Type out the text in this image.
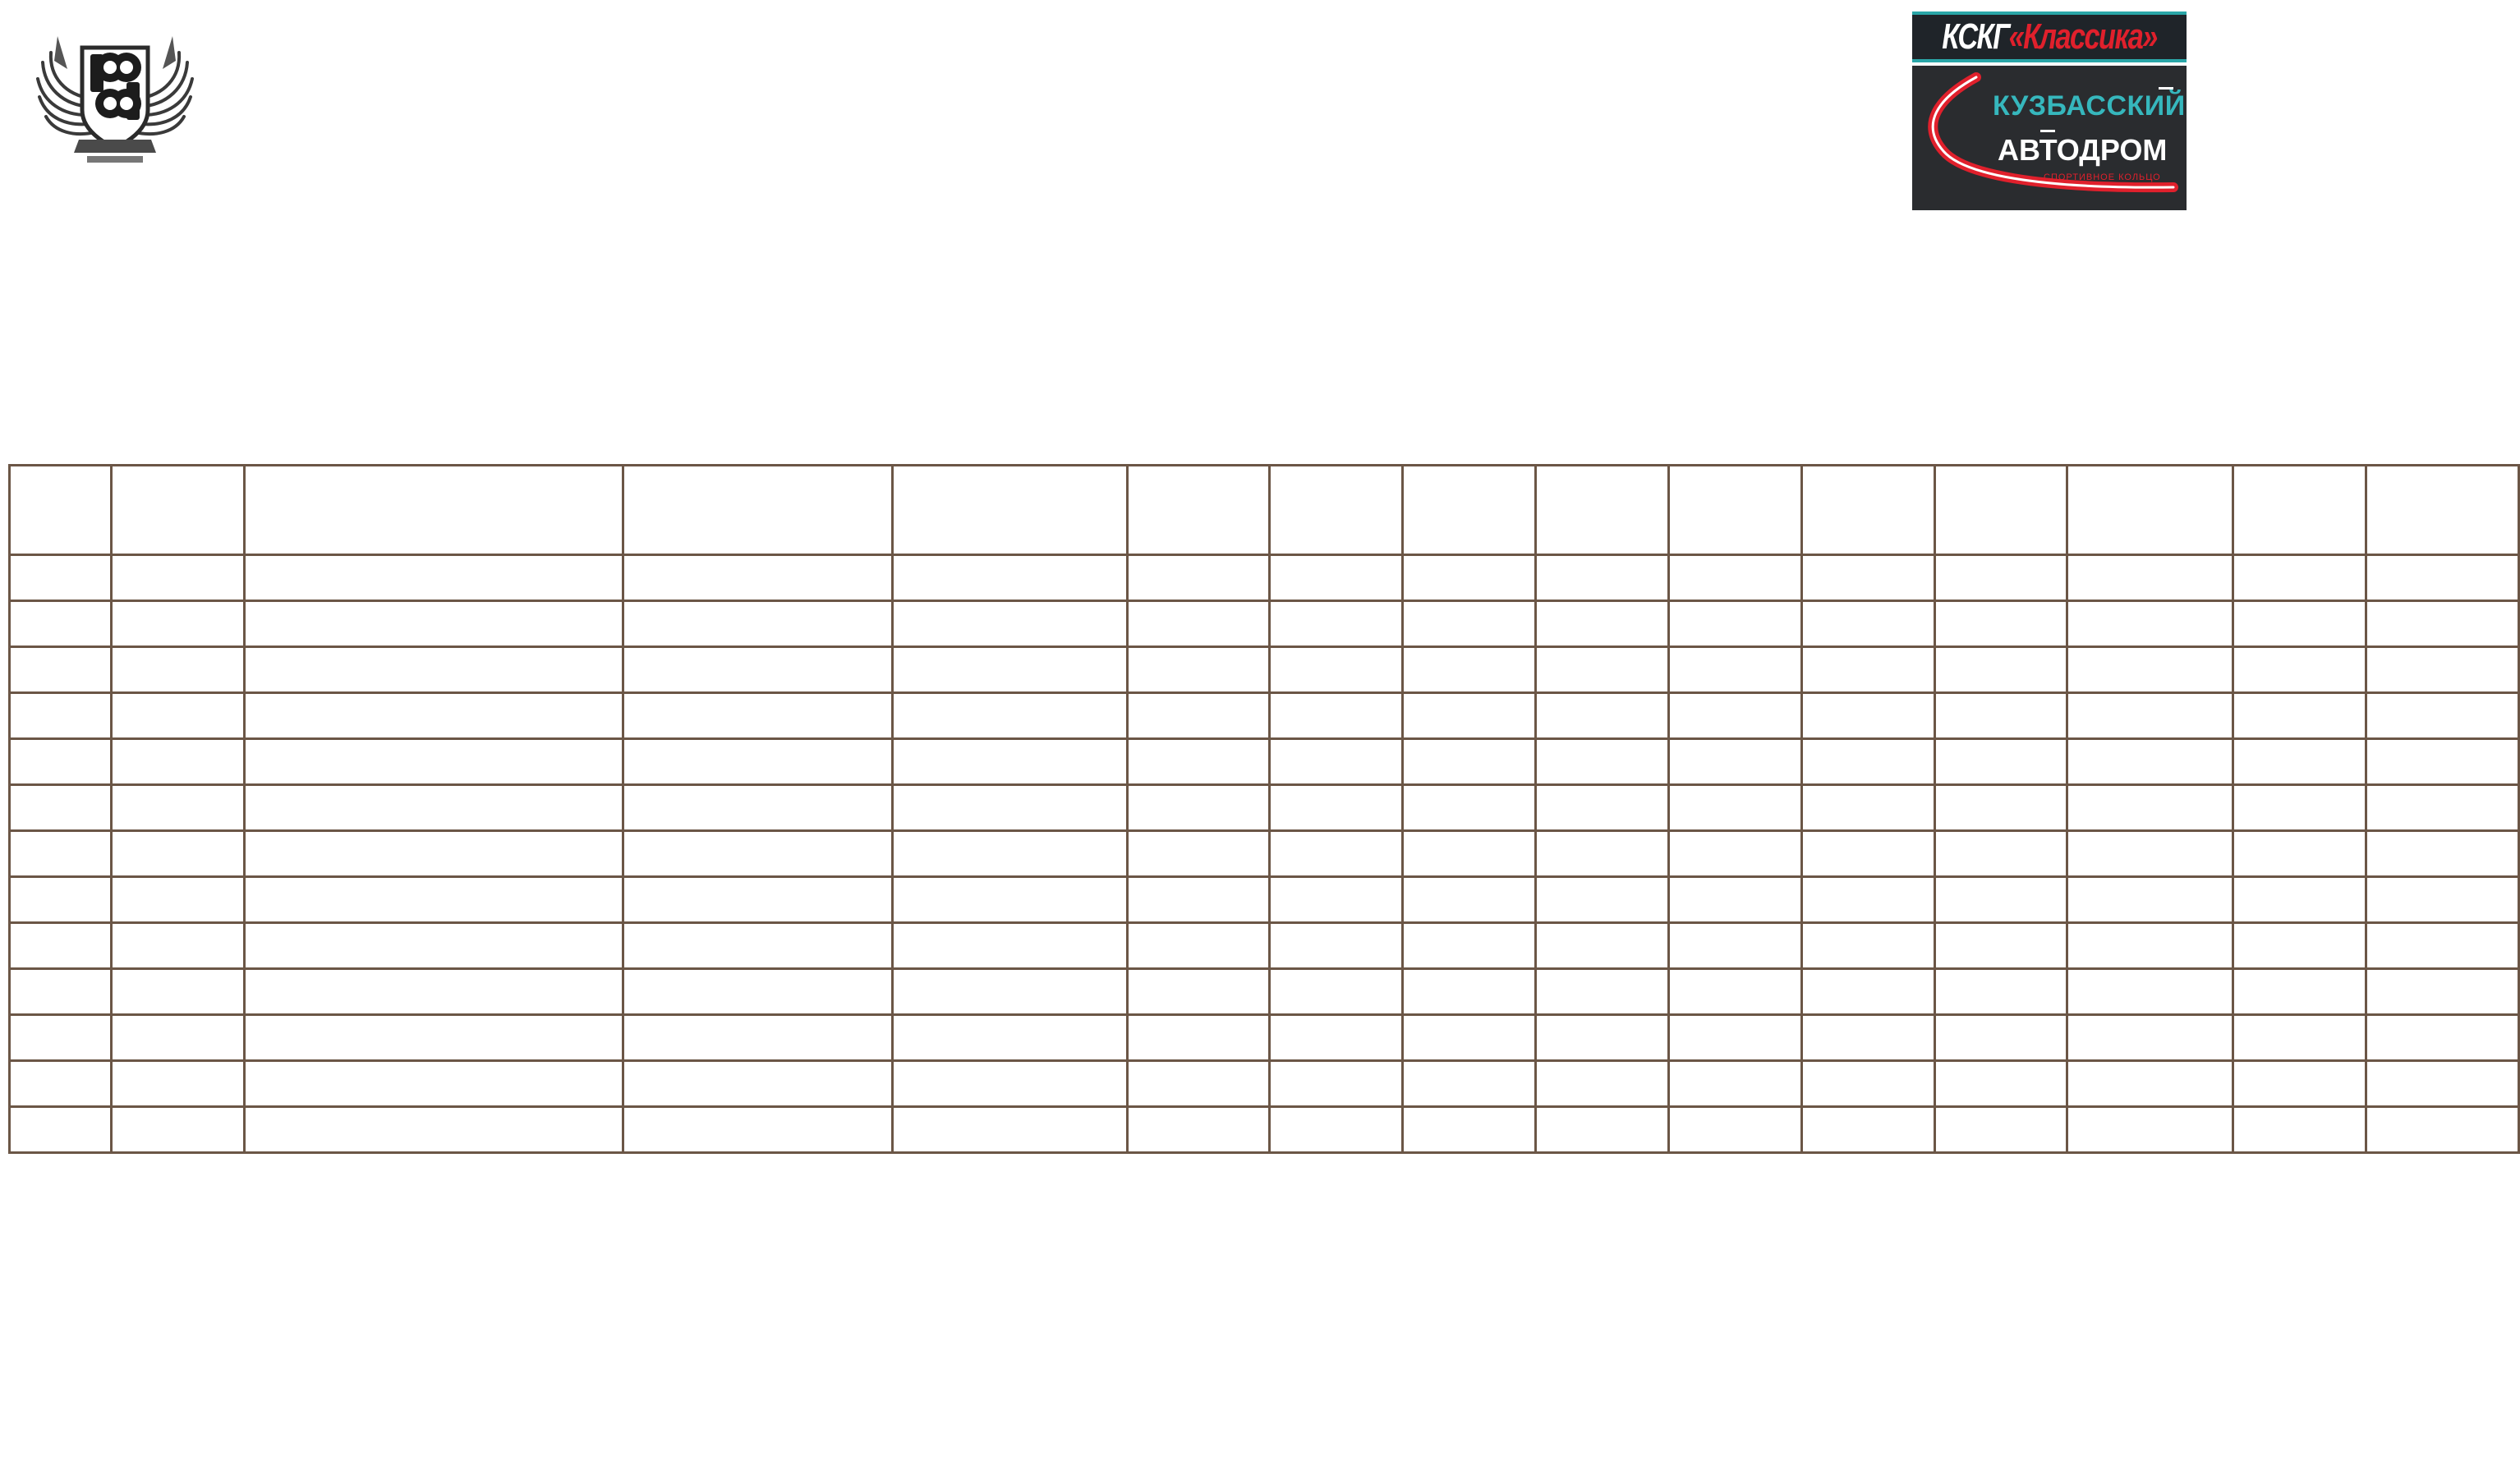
КСКГ «Классика»
КУЗБАССКИЙ
АВТОДРОМ
СПОРТИВНОЕ КОЛЬЦО
